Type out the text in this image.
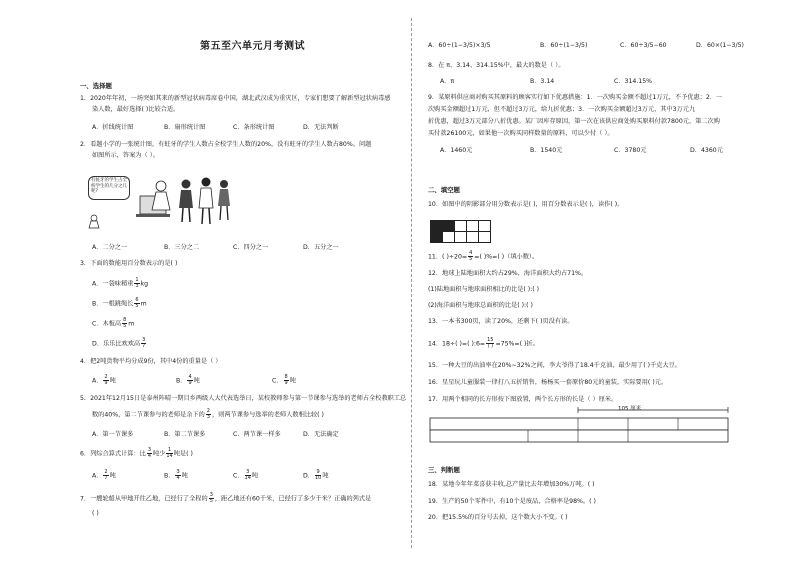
第五至六单元月考测试
一、选择题
1．2020年年初，一场突如其来的新型冠状病毒席卷中国，湖北武汉成为重灾区，专家们想要了解新型冠状病毒感
染人数，最好选择( )比较合适。
A．折线统计图	B．扇形统计图	C．条形统计图	D．无法判断
2．看题小学的一张统计图，有蛀牙的学生人数占全校学生人数的20%，没有蛀牙的学生人数占80%。问题
如图所示，答案为（ ）。
有蛀牙的学生占全校学生的几分之几呢?
A．二分之一	B．三分之二	C．四分之一	D．五分之一
3．下面的数能用百分数表示的是( )
A．一袋味精重 $\frac{1}{3}$ kg
B．一根跳绳长 $\frac{6}{5}$ m
C．木板高 $\frac{8}{5}$ m
D．乐乐比欢欢高 $\frac{3}{7}$
4．把2吨货物平均分成9份，其中4份的重量是（ ）
A． $\frac{2}{9}$ 吨	B． $\frac{4}{9}$ 吨	C． $\frac{8}{9}$ 吨
5．2021年12月15日是泰州阵晴一期目乡两级人大代表选举日，某校教师参与第一节课参与选举的老师占全校教职工总
数的40%，第二节课参与的老师是余下的 $\frac{2}{3}$ ，则两节课参与选举的老师人数相比较( )
A．第一节课多	B．第二节课多	C．两节课一样多	D．无法确定
6．列综合算式计算：比 $\frac{3}{4}$ 吨少 $\frac{1}{14}$ 吨是( )
A． $\frac{2}{7}$ 吨	B． $\frac{3}{4}$ 吨	C． $\frac{3}{14}$ 吨	D． $\frac{9}{10}$ 吨
7．一艘轮船从甲地开往乙地，已经行了全程的 $\frac{3}{5}$ ，距乙地还有60千米，已经行了多少千米？正确的列式是
( )
A．60÷(1−3/5)×3/5	B．60÷(1−3/5)	C．60÷3/5−60	D．60×(1−3/5)
8．在 π、3.14、314.15%中，最大的数是（ ）。
A．π	B．3.14	C．314.15%
9．某原料供应商对购买其原料的顾客实行如下优惠措施：1．一次购买金额不超过1万元，不予优惠；2．一
次购买金额超过1万元，但不超过3万元，给九折优惠；3．一次购买金额超过3万元，其中3万元九
折优惠，超过3万元部分八折优惠。某厂因库存原因，第一次在该供应商处购买原料付款7800元，第二次购
买付款26100元，如果他一次购买同样数量的原料，可以少付（ ）。
A．1460元	B．1540元	C．3780元	D．4360元
二、填空题
10．如图中的阴影部分用分数表示是( )，用百分数表示是( )，读作( )。
11．( )$\div 20= \frac{4}{5}$ =( )%=( )（填小数）。
12．地球上陆地面积大约占29%，海洋面积大约占71%。
(1)陆地面积与地球面积相比的比是( ):( )
(2)海洋面积与地球总面积的比是( ):( )
13．一本书300页，读了20%，还剩下( )页没有读。
14．18÷( )=( ):6= $\frac{15}{( )} =75\%=$( )折。
15．一种大豆的出油率在20%∼32%之间，李大爷得了18.4千克油，最少用了( )千克大豆。
16．星星玩儿童服装一律打八五折销售，杨杨买一套原价80元的童装，实际要用( )元。
17．用两个相同的长方形按下图放置，两个长方形的长是（ ）厘米。
105 厘米
三、判断题
18．某地今年年菜喜获丰收,总产量比去年增加30%万吨。( )
19．生产的50个零件中，有10个是废品，合格率是98%。( )
20．把15.5%的百分号去掉，这个数大小不变。( )
